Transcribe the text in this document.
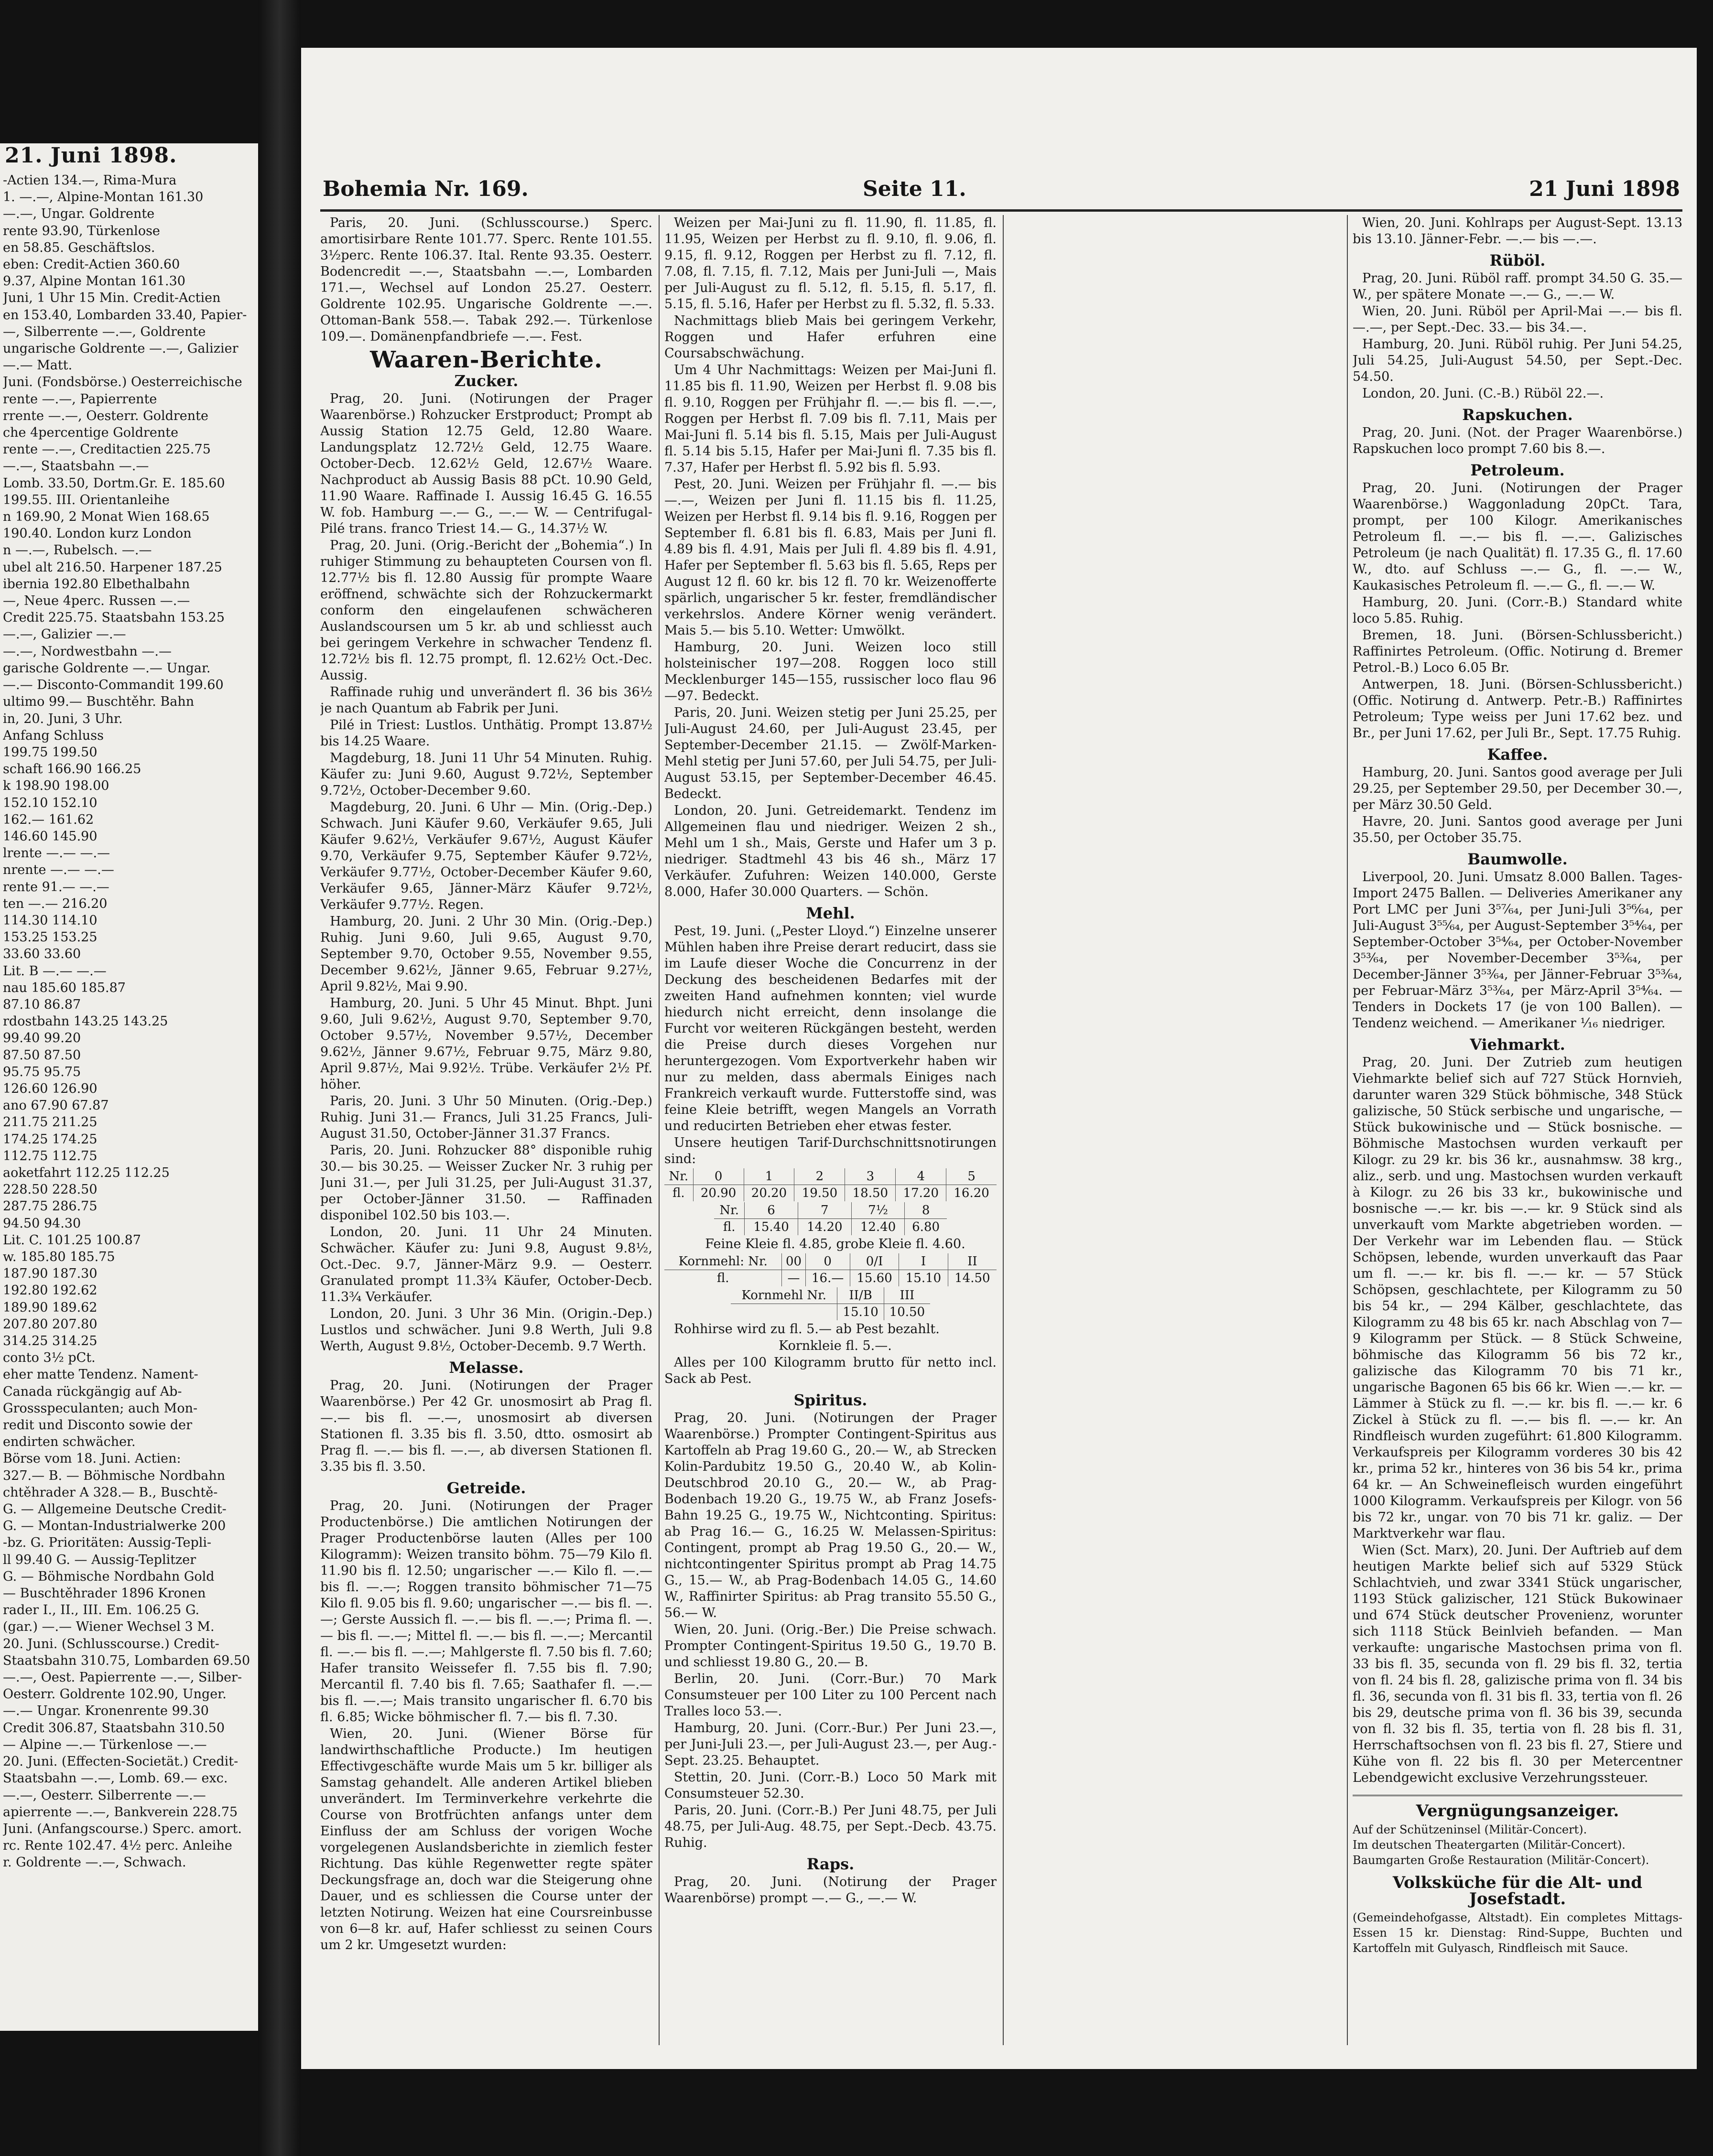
21. Juni 1898.
-Actien 134.—, Rima-Mura
1. —.—, Alpine-Montan 161.30
—.—, Ungar. Goldrente
rente 93.90, Türkenlose
en 58.85. Geschäftslos.
eben: Credit-Actien 360.60
9.37, Alpine Montan 161.30
Juni, 1 Uhr 15 Min. Credit-Actien
en 153.40, Lombarden 33.40, Papier-
—, Silberrente —.—, Goldrente
ungarische Goldrente —.—, Galizier
—.— Matt.
Juni. (Fondsbörse.) Oesterreichische
rente —.—, Papierrente
rrente —.—, Oesterr. Goldrente
che 4percentige Goldrente
rente —.—, Creditactien 225.75
—.—, Staatsbahn —.—
Lomb. 33.50, Dortm.Gr. E. 185.60
199.55. III. Orientanleihe
n 169.90, 2 Monat Wien 168.65
190.40. London kurz London
n —.—, Rubelsch. —.—
ubel alt 216.50. Harpener 187.25
ibernia 192.80 Elbethalbahn
—, Neue 4perc. Russen —.—
Credit 225.75. Staatsbahn 153.25
—.—, Galizier —.—
—.—, Nordwestbahn —.—
garische Goldrente —.— Ungar.
—.— Disconto-Commandit 199.60
ultimo 99.— Buschtěhr. Bahn
in, 20. Juni, 3 Uhr.
Anfang Schluss
199.75 199.50
schaft 166.90 166.25
k 198.90 198.00
152.10 152.10
162.— 161.62
146.60 145.90
lrente —.— —.—
nrente —.— —.—
rente 91.— —.—
ten —.— 216.20
114.30 114.10
153.25 153.25
33.60 33.60
Lit. B —.— —.—
nau 185.60 185.87
87.10 86.87
rdostbahn 143.25 143.25
99.40 99.20
87.50 87.50
95.75 95.75
126.60 126.90
ano 67.90 67.87
211.75 211.25
174.25 174.25
112.75 112.75
aoketfahrt 112.25 112.25
228.50 228.50
287.75 286.75
94.50 94.30
Lit. C. 101.25 100.87
w. 185.80 185.75
187.90 187.30
192.80 192.62
189.90 189.62
207.80 207.80
314.25 314.25
conto 3½ pCt.
eher matte Tendenz. Nament-
Canada rückgängig auf Ab-
Grossspeculanten; auch Mon-
redit und Disconto sowie der
endirten schwächer.
Börse vom 18. Juni. Actien:
327.— B. — Böhmische Nordbahn
chtěhrader A 328.— B., Buschtě-
G. — Allgemeine Deutsche Credit-
G. — Montan-Industrialwerke 200
-bz. G. Prioritäten: Aussig-Tepli-
ll 99.40 G. — Aussig-Teplitzer
G. — Böhmische Nordbahn Gold
— Buschtěhrader 1896 Kronen
rader I., II., III. Em. 106.25 G.
(gar.) —.— Wiener Wechsel 3 M.
20. Juni. (Schlusscourse.) Credit-
Staatsbahn 310.75, Lombarden 69.50
—.—, Oest. Papierrente —.—, Silber-
Oesterr. Goldrente 102.90, Unger.
—.— Ungar. Kronenrente 99.30
Credit 306.87, Staatsbahn 310.50
— Alpine —.— Türkenlose —.—
20. Juni. (Effecten-Societät.) Credit-
Staatsbahn —.—, Lomb. 69.— exc.
—.—, Oesterr. Silberrente —.—
apierrente —.—, Bankverein 228.75
Juni. (Anfangscourse.) Sperc. amort.
rc. Rente 102.47. 4½ perc. Anleihe
r. Goldrente —.—, Schwach.
Bohemia Nr. 169.	Seite 11.	21 Juni 1898

Paris, 20. Juni. (Schlusscourse.) Sperc. amortisirbare Rente 101.77. Sperc. Rente 101.55. 3½perc. Rente 106.37. Ital. Rente 93.35. Oesterr. Bodencredit —.—, Staatsbahn —.—, Lombarden 171.—, Wechsel auf London 25.27. Oesterr. Goldrente 102.95. Ungarische Goldrente —.—. Ottoman-Bank 558.—. Tabak 292.—. Türkenlose 109.—. Domänenpfandbriefe —.—. Fest.

Waaren-Berichte.
Zucker.

Prag, 20. Juni. (Notirungen der Prager Waarenbörse.) Rohzucker Erstproduct; Prompt ab Aussig Station 12.75 Geld, 12.80 Waare. Landungsplatz 12.72½ Geld, 12.75 Waare. October-Decb. 12.62½ Geld, 12.67½ Waare. Nachproduct ab Aussig Basis 88 pCt. 10.90 Geld, 11.90 Waare. Raffinade I. Aussig 16.45 G. 16.55 W. fob. Hamburg —.— G., —.— W. — Centrifugal-Pilé trans. franco Triest 14.— G., 14.37½ W.

Prag, 20. Juni. (Orig.-Bericht der „Bohemia“.) In ruhiger Stimmung zu behaupteten Coursen von fl. 12.77½ bis fl. 12.80 Aussig für prompte Waare eröffnend, schwächte sich der Rohzuckermarkt conform den eingelaufenen schwächeren Auslandscoursen um 5 kr. ab und schliesst auch bei geringem Verkehre in schwacher Tendenz fl. 12.72½ bis fl. 12.75 prompt, fl. 12.62½ Oct.-Dec. Aussig.

Raffinade ruhig und unverändert fl. 36 bis 36½ je nach Quantum ab Fabrik per Juni.

Pilé in Triest: Lustlos. Unthätig. Prompt 13.87½ bis 14.25 Waare.

Magdeburg, 18. Juni 11 Uhr 54 Minuten. Ruhig. Käufer zu: Juni 9.60, August 9.72½, September 9.72½, October-December 9.60.

Magdeburg, 20. Juni. 6 Uhr — Min. (Orig.-Dep.) Schwach. Juni Käufer 9.60, Verkäufer 9.65, Juli Käufer 9.62½, Verkäufer 9.67½, August Käufer 9.70, Verkäufer 9.75, September Käufer 9.72½, Verkäufer 9.77½, October-December Käufer 9.60, Verkäufer 9.65, Jänner-März Käufer 9.72½, Verkäufer 9.77½. Regen.

Hamburg, 20. Juni. 2 Uhr 30 Min. (Orig.-Dep.) Ruhig. Juni 9.60, Juli 9.65, August 9.70, September 9.70, October 9.55, November 9.55, December 9.62½, Jänner 9.65, Februar 9.27½, April 9.82½, Mai 9.90.

Hamburg, 20. Juni. 5 Uhr 45 Minut. Bhpt. Juni 9.60, Juli 9.62½, August 9.70, September 9.70, October 9.57½, November 9.57½, December 9.62½, Jänner 9.67½, Februar 9.75, März 9.80, April 9.87½, Mai 9.92½. Trübe. Verkäufer 2½ Pf. höher.

Paris, 20. Juni. 3 Uhr 50 Minuten. (Orig.-Dep.) Ruhig. Juni 31.— Francs, Juli 31.25 Francs, Juli-August 31.50, October-Jänner 31.37 Francs.

Paris, 20. Juni. Rohzucker 88° disponible ruhig 30.— bis 30.25. — Weisser Zucker Nr. 3 ruhig per Juni 31.—, per Juli 31.25, per Juli-August 31.37, per October-Jänner 31.50. — Raffinaden disponibel 102.50 bis 103.—.

London, 20. Juni. 11 Uhr 24 Minuten. Schwächer. Käufer zu: Juni 9.8, August 9.8½, Oct.-Dec. 9.7, Jänner-März 9.9. — Oesterr. Granulated prompt 11.3¾ Käufer, October-Decb. 11.3¾ Verkäufer.

London, 20. Juni. 3 Uhr 36 Min. (Origin.-Dep.) Lustlos und schwächer. Juni 9.8 Werth, Juli 9.8 Werth, August 9.8½, October-Decemb. 9.7 Werth.

Melasse.

Prag, 20. Juni. (Notirungen der Prager Waarenbörse.) Per 42 Gr. unosmosirt ab Prag fl. —.— bis fl. —.—, unosmosirt ab diversen Stationen fl. 3.35 bis fl. 3.50, dtto. osmosirt ab Prag fl. —.— bis fl. —.—, ab diversen Stationen fl. 3.35 bis fl. 3.50.

Getreide.

Prag, 20. Juni. (Notirungen der Prager Productenbörse.) Die amtlichen Notirungen der Prager Productenbörse lauten (Alles per 100 Kilogramm): Weizen transito böhm. 75—79 Kilo fl. 11.90 bis fl. 12.50; ungarischer —.— Kilo fl. —.— bis fl. —.—; Roggen transito böhmischer 71—75 Kilo fl. 9.05 bis fl. 9.60; ungarischer —.— bis fl. —.—; Gerste Aussich fl. —.— bis fl. —.—; Prima fl. —.— bis fl. —.—; Mittel fl. —.— bis fl. —.—; Mercantil fl. —.— bis fl. —.—; Mahlgerste fl. 7.50 bis fl. 7.60; Hafer transito Weissefer fl. 7.55 bis fl. 7.90; Mercantil fl. 7.40 bis fl. 7.65; Saathafer fl. —.— bis fl. —.—; Mais transito ungarischer fl. 6.70 bis fl. 6.85; Wicke böhmischer fl. 7.— bis fl. 7.30.

Wien, 20. Juni. (Wiener Börse für landwirthschaftliche Producte.) Im heutigen Effectivgeschäfte wurde Mais um 5 kr. billiger als Samstag gehandelt. Alle anderen Artikel blieben unverändert. Im Terminverkehre verkehrte die Course von Brotfrüchten anfangs unter dem Einfluss der am Schluss der vorigen Woche vorgelegenen Auslandsberichte in ziemlich fester Richtung. Das kühle Regenwetter regte später Deckungsfrage an, doch war die Steigerung ohne Dauer, und es schliessen die Course unter der letzten Notirung. Weizen hat eine Coursreinbusse von 6—8 kr. auf, Hafer schliesst zu seinen Cours um 2 kr. Umgesetzt wurden:

Weizen per Mai-Juni zu fl. 11.90, fl. 11.85, fl. 11.95, Weizen per Herbst zu fl. 9.10, fl. 9.06, fl. 9.15, fl. 9.12, Roggen per Herbst zu fl. 7.12, fl. 7.08, fl. 7.15, fl. 7.12, Mais per Juni-Juli —, Mais per Juli-August zu fl. 5.12, fl. 5.15, fl. 5.17, fl. 5.15, fl. 5.16, Hafer per Herbst zu fl. 5.32, fl. 5.33.

Nachmittags blieb Mais bei geringem Verkehr, Roggen und Hafer erfuhren eine Coursabschwächung.

Um 4 Uhr Nachmittags: Weizen per Mai-Juni fl. 11.85 bis fl. 11.90, Weizen per Herbst fl. 9.08 bis fl. 9.10, Roggen per Frühjahr fl. —.— bis fl. —.—, Roggen per Herbst fl. 7.09 bis fl. 7.11, Mais per Mai-Juni fl. 5.14 bis fl. 5.15, Mais per Juli-August fl. 5.14 bis 5.15, Hafer per Mai-Juni fl. 7.35 bis fl. 7.37, Hafer per Herbst fl. 5.92 bis fl. 5.93.

Pest, 20. Juni. Weizen per Frühjahr fl. —.— bis —.—, Weizen per Juni fl. 11.15 bis fl. 11.25, Weizen per Herbst fl. 9.14 bis fl. 9.16, Roggen per September fl. 6.81 bis fl. 6.83, Mais per Juni fl. 4.89 bis fl. 4.91, Mais per Juli fl. 4.89 bis fl. 4.91, Hafer per September fl. 5.63 bis fl. 5.65, Reps per August 12 fl. 60 kr. bis 12 fl. 70 kr. Weizenofferte spärlich, ungarischer 5 kr. fester, fremdländischer verkehrslos. Andere Körner wenig verändert. Mais 5.— bis 5.10. Wetter: Umwölkt.

Hamburg, 20. Juni. Weizen loco still holsteinischer 197—208. Roggen loco still Mecklenburger 145—155, russischer loco flau 96—97. Bedeckt.

Paris, 20. Juni. Weizen stetig per Juni 25.25, per Juli-August 24.60, per Juli-August 23.45, per September-December 21.15. — Zwölf-Marken-Mehl stetig per Juni 57.60, per Juli 54.75, per Juli-August 53.15, per September-December 46.45. Bedeckt.

London, 20. Juni. Getreidemarkt. Tendenz im Allgemeinen flau und niedriger. Weizen 2 sh., Mehl um 1 sh., Mais, Gerste und Hafer um 3 p. niedriger. Stadtmehl 43 bis 46 sh., März 17 Verkäufer. Zufuhren: Weizen 140.000, Gerste 8.000, Hafer 30.000 Quarters. — Schön.

Mehl.

Pest, 19. Juni. („Pester Lloyd.“) Einzelne unserer Mühlen haben ihre Preise derart reducirt, dass sie im Laufe dieser Woche die Concurrenz in der Deckung des bescheidenen Bedarfes mit der zweiten Hand aufnehmen konnten; viel wurde hiedurch nicht erreicht, denn insolange die Furcht vor weiteren Rückgängen besteht, werden die Preise durch dieses Vorgehen nur heruntergezogen. Vom Exportverkehr haben wir nur zu melden, dass abermals Einiges nach Frankreich verkauft wurde. Futterstoffe sind, was feine Kleie betrifft, wegen Mangels an Vorrath und reducirten Betrieben eher etwas fester.

Unsere heutigen Tarif-Durchschnittsnotirungen sind:

Nr.	0	1	2	3	4	5
fl.	20.90	20.20	19.50	18.50	17.20	16.20
Nr.	6	7	7½	8
fl.	15.40	14.20	12.40	6.80

Feine Kleie fl. 4.85, grobe Kleie fl. 4.60.

Kornmehl: Nr.	00	0	0/I	I	II
fl.	—	16.—	15.60	15.10	14.50
Kornmehl Nr.	II/B	III
	15.10	10.50

Rohhirse wird zu fl. 5.— ab Pest bezahlt.

Kornkleie fl. 5.—.

Alles per 100 Kilogramm brutto für netto incl. Sack ab Pest.

Spiritus.

Prag, 20. Juni. (Notirungen der Prager Waarenbörse.) Prompter Contingent-Spiritus aus Kartoffeln ab Prag 19.60 G., 20.— W., ab Strecken Kolin-Pardubitz 19.50 G., 20.40 W., ab Kolin-Deutschbrod 20.10 G., 20.— W., ab Prag-Bodenbach 19.20 G., 19.75 W., ab Franz Josefs-Bahn 19.25 G., 19.75 W., Nichtconting. Spiritus: ab Prag 16.— G., 16.25 W. Melassen-Spiritus: Contingent, prompt ab Prag 19.50 G., 20.— W., nichtcontingenter Spiritus prompt ab Prag 14.75 G., 15.— W., ab Prag-Bodenbach 14.05 G., 14.60 W., Raffinirter Spiritus: ab Prag transito 55.50 G., 56.— W.

Wien, 20. Juni. (Orig.-Ber.) Die Preise schwach. Prompter Contingent-Spiritus 19.50 G., 19.70 B. und schliesst 19.80 G., 20.— B.

Berlin, 20. Juni. (Corr.-Bur.) 70 Mark Consumsteuer per 100 Liter zu 100 Percent nach Tralles loco 53.—.

Hamburg, 20. Juni. (Corr.-Bur.) Per Juni 23.—, per Juni-Juli 23.—, per Juli-August 23.—, per Aug.-Sept. 23.25. Behauptet.

Stettin, 20. Juni. (Corr.-B.) Loco 50 Mark mit Consumsteuer 52.30.

Paris, 20. Juni. (Corr.-B.) Per Juni 48.75, per Juli 48.75, per Juli-Aug. 48.75, per Sept.-Decb. 43.75. Ruhig.

Raps.

Prag, 20. Juni. (Notirung der Prager Waarenbörse) prompt —.— G., —.— W.

Wien, 20. Juni. Kohlraps per August-Sept. 13.13 bis 13.10. Jänner-Febr. —.— bis —.—.

Rüböl.

Prag, 20. Juni. Rüböl raff. prompt 34.50 G. 35.— W., per spätere Monate —.— G., —.— W.

Wien, 20. Juni. Rüböl per April-Mai —.— bis fl. —.—, per Sept.-Dec. 33.— bis 34.—.

Hamburg, 20. Juni. Rüböl ruhig. Per Juni 54.25, Juli 54.25, Juli-August 54.50, per Sept.-Dec. 54.50.

London, 20. Juni. (C.-B.) Rüböl 22.—.

Rapskuchen.

Prag, 20. Juni. (Not. der Prager Waarenbörse.) Rapskuchen loco prompt 7.60 bis 8.—.

Petroleum.

Prag, 20. Juni. (Notirungen der Prager Waarenbörse.) Waggonladung 20pCt. Tara, prompt, per 100 Kilogr. Amerikanisches Petroleum fl. —.— bis fl. —.—. Galizisches Petroleum (je nach Qualität) fl. 17.35 G., fl. 17.60 W., dto. auf Schluss —.— G., fl. —.— W., Kaukasisches Petroleum fl. —.— G., fl. —.— W.

Hamburg, 20. Juni. (Corr.-B.) Standard white loco 5.85. Ruhig.

Bremen, 18. Juni. (Börsen-Schlussbericht.) Raffinirtes Petroleum. (Offic. Notirung d. Bremer Petrol.-B.) Loco 6.05 Br.

Antwerpen, 18. Juni. (Börsen-Schlussbericht.) (Offic. Notirung d. Antwerp. Petr.-B.) Raffinirtes Petroleum; Type weiss per Juni 17.62 bez. und Br., per Juni 17.62, per Juli Br., Sept. 17.75 Ruhig.

Kaffee.

Hamburg, 20. Juni. Santos good average per Juli 29.25, per September 29.50, per December 30.—, per März 30.50 Geld.

Havre, 20. Juni. Santos good average per Juni 35.50, per October 35.75.

Baumwolle.

Liverpool, 20. Juni. Umsatz 8.000 Ballen. Tages-Import 2475 Ballen. — Deliveries Amerikaner any Port LMC per Juni 3⁵⁷⁄₆₄, per Juni-Juli 3⁵⁶⁄₆₄, per Juli-August 3⁵⁵⁄₆₄, per August-September 3⁵⁴⁄₆₄, per September-October 3⁵⁴⁄₆₄, per October-November 3⁵³⁄₆₄, per November-December 3⁵³⁄₆₄, per December-Jänner 3⁵³⁄₆₄, per Jänner-Februar 3⁵³⁄₆₄, per Februar-März 3⁵³⁄₆₄, per März-April 3⁵⁴⁄₆₄. — Tenders in Dockets 17 (je von 100 Ballen). — Tendenz weichend. — Amerikaner ¹⁄₁₆ niedriger.

Viehmarkt.

Prag, 20. Juni. Der Zutrieb zum heutigen Viehmarkte belief sich auf 727 Stück Hornvieh, darunter waren 329 Stück böhmische, 348 Stück galizische, 50 Stück serbische und ungarische, — Stück bukowinische und — Stück bosnische. — Böhmische Mastochsen wurden verkauft per Kilogr. zu 29 kr. bis 36 kr., ausnahmsw. 38 krg., aliz., serb. und ung. Mastochsen wurden verkauft à Kilogr. zu 26 bis 33 kr., bukowinische und bosnische —.— kr. bis —.— kr. 9 Stück sind als unverkauft vom Markte abgetrieben worden. — Der Verkehr war im Lebenden flau. — Stück Schöpsen, lebende, wurden unverkauft das Paar um fl. —.— kr. bis fl. —.— kr. — 57 Stück Schöpsen, geschlachtete, per Kilogramm zu 50 bis 54 kr., — 294 Kälber, geschlachtete, das Kilogramm zu 48 bis 65 kr. nach Abschlag von 7—9 Kilogramm per Stück. — 8 Stück Schweine, böhmische das Kilogramm 56 bis 72 kr., galizische das Kilogramm 70 bis 71 kr., ungarische Bagonen 65 bis 66 kr. Wien —.— kr. — Lämmer à Stück zu fl. —.— kr. bis fl. —.— kr. 6 Zickel à Stück zu fl. —.— bis fl. —.— kr. An Rindfleisch wurden zugeführt: 61.800 Kilogramm. Verkaufspreis per Kilogramm vorderes 30 bis 42 kr., prima 52 kr., hinteres von 36 bis 54 kr., prima 64 kr. — An Schweinefleisch wurden eingeführt 1000 Kilogramm. Verkaufspreis per Kilogr. von 56 bis 72 kr., ungar. von 70 bis 71 kr. galiz. — Der Marktverkehr war flau.

Wien (Sct. Marx), 20. Juni. Der Auftrieb auf dem heutigen Markte belief sich auf 5329 Stück Schlachtvieh, und zwar 3341 Stück ungarischer, 1193 Stück galizischer, 121 Stück Bukowinaer und 674 Stück deutscher Provenienz, worunter sich 1118 Stück Beinlvieh befanden. — Man verkaufte: ungarische Mastochsen prima von fl. 33 bis fl. 35, secunda von fl. 29 bis fl. 32, tertia von fl. 24 bis fl. 28, galizische prima von fl. 34 bis fl. 36, secunda von fl. 31 bis fl. 33, tertia von fl. 26 bis 29, deutsche prima von fl. 36 bis 39, secunda von fl. 32 bis fl. 35, tertia von fl. 28 bis fl. 31, Herrschaftsochsen von fl. 23 bis fl. 27, Stiere und Kühe von fl. 22 bis fl. 30 per Metercentner Lebendgewicht exclusive Verzehrungssteuer.

Vergnügungsanzeiger.
Auf der Schützeninsel (Militär-Concert).
Im deutschen Theatergarten (Militär-Concert).
Baumgarten Große Restauration (Militär-Concert).
Volksküche für die Alt- und Josefstadt.
(Gemeindehofgasse, Altstadt). Ein completes Mittags-Essen 15 kr. Dienstag: Rind-Suppe, Buchten und Kartoffeln mit Gulyasch, Rindfleisch mit Sauce.
